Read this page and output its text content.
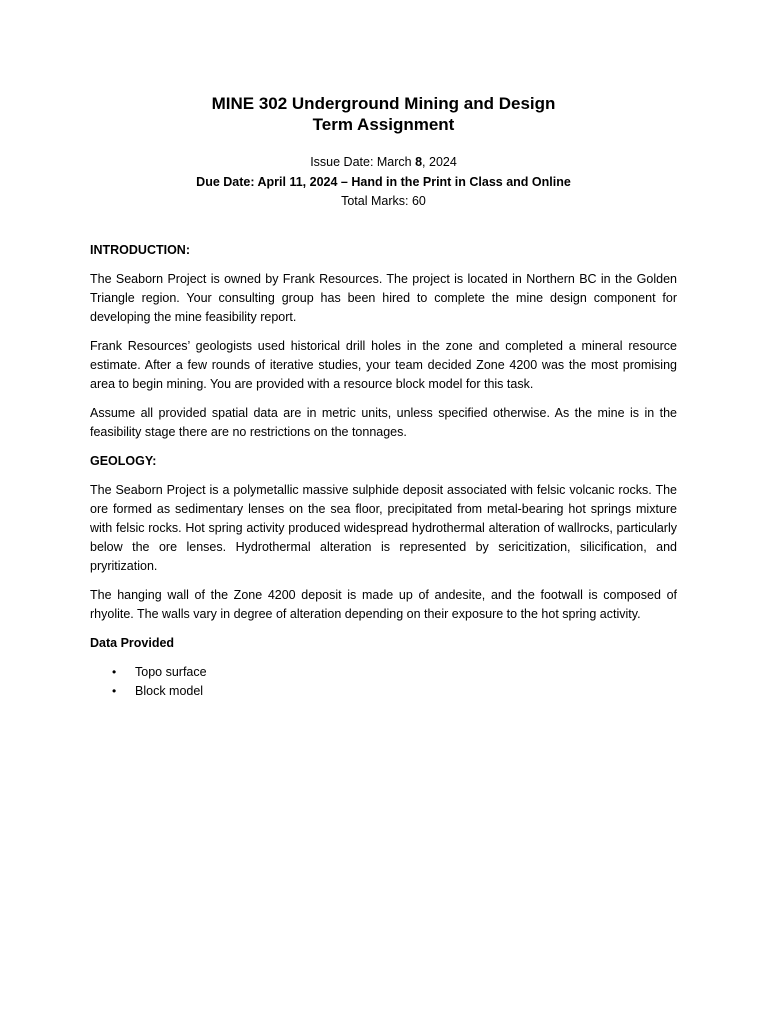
MINE 302 Underground Mining and Design
Term Assignment
Issue Date: March 8, 2024
Due Date: April 11, 2024 – Hand in the Print in Class and Online
Total Marks: 60
INTRODUCTION:

The Seaborn Project is owned by Frank Resources. The project is located in Northern BC in the Golden Triangle region. Your consulting group has been hired to complete the mine design component for developing the mine feasibility report.

Frank Resources’ geologists used historical drill holes in the zone and completed a mineral resource estimate. After a few rounds of iterative studies, your team decided Zone 4200 was the most promising area to begin mining. You are provided with a resource block model for this task.

Assume all provided spatial data are in metric units, unless specified otherwise. As the mine is in the feasibility stage there are no restrictions on the tonnages.

GEOLOGY:

The Seaborn Project is a polymetallic massive sulphide deposit associated with felsic volcanic rocks. The ore formed as sedimentary lenses on the sea floor, precipitated from metal-bearing hot springs mixture with felsic rocks. Hot spring activity produced widespread hydrothermal alteration of wallrocks, particularly below the ore lenses. Hydrothermal alteration is represented by sericitization, silicification, and pryritization.

The hanging wall of the Zone 4200 deposit is made up of andesite, and the footwall is composed of rhyolite. The walls vary in degree of alteration depending on their exposure to the hot spring activity.

Data Provided
• Topo surface
• Block model
